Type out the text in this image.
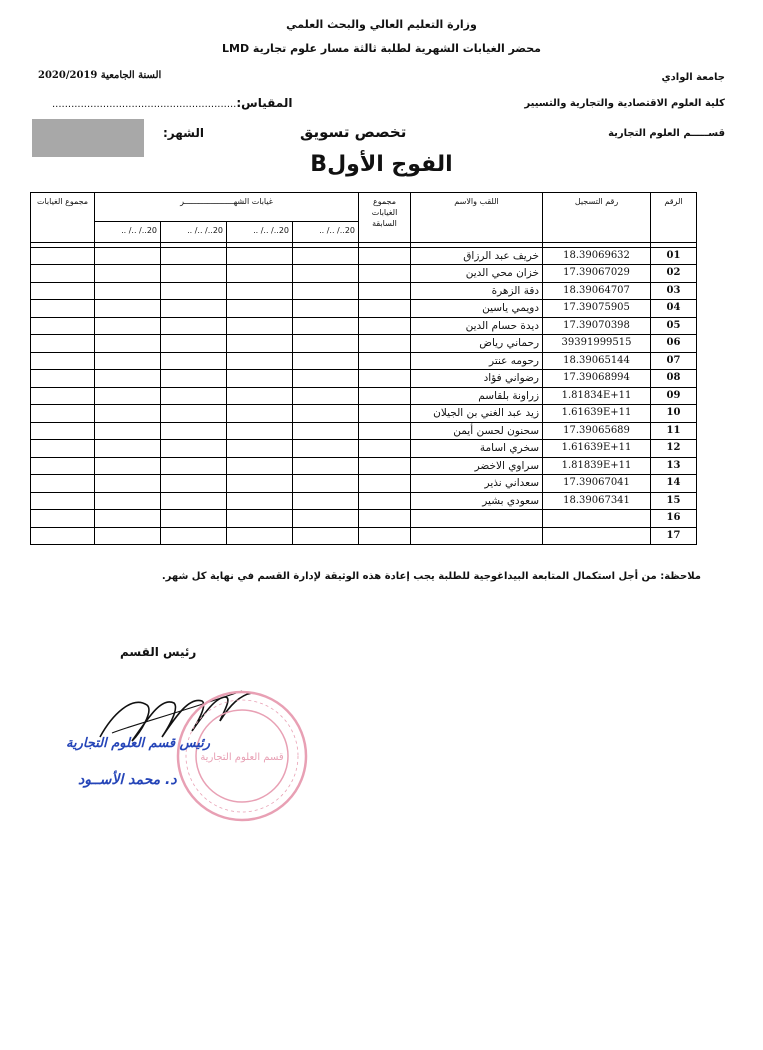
وزارة التعليم العالي والبحث العلمي
محضر الغيابات الشهرية لطلبة ثالثة مسار علوم تجارية LMD
جامعة الوادي
السنة الجامعية 2020/2019
كلية العلوم الاقتصادية والتجارية والتسيير
المقياس:..........................................................
الشهر:	تخصص تسويق	قســـــم العلوم التجارية
الفوج الأولB
مجموع الغيابات	غيابات الشهـــــــــــــــــــــر				مجموع الغيابات السابقة	اللقب والاسم	رقم التسجيل	الرقم
	.. /.. /..20	.. /.. /..20	.. /.. /..20	.. /.. /..20				

						خريف عبد الرزاق	18.39069632	01
						خزان محي الدين	17.39067029	02
						دقة الزهرة	18.39064707	03
						دويمي ياسين	17.39075905	04
						ديدة حسام الدين	17.39070398	05
						رحماني رياض	39391999515	06
						رحومه عنتر	18.39065144	07
						رضواني فؤاد	17.39068994	08
						زراونة بلقاسم	1.81834E+11	09
						زيد عبد الغني بن الجيلان	1.61639E+11	10
						سحنون لحسن أيمن	17.39065689	11
						سخري اسامة	1.61639E+11	12
						سراوي الاخضر	1.81839E+11	13
						سعداني نذير	17.39067041	14
						سعودي بشير	18.39067341	15
								16
								17
ملاحظة: من أجل استكمال المتابعة البيداغوجية للطلبة يجب إعادة هذه الوثيقة لإدارة القسم في نهاية كل شهر.
رئيس القسم
قسم العلوم التجارية
رئيس قسم العلوم التجارية
د. محمد الأســود
